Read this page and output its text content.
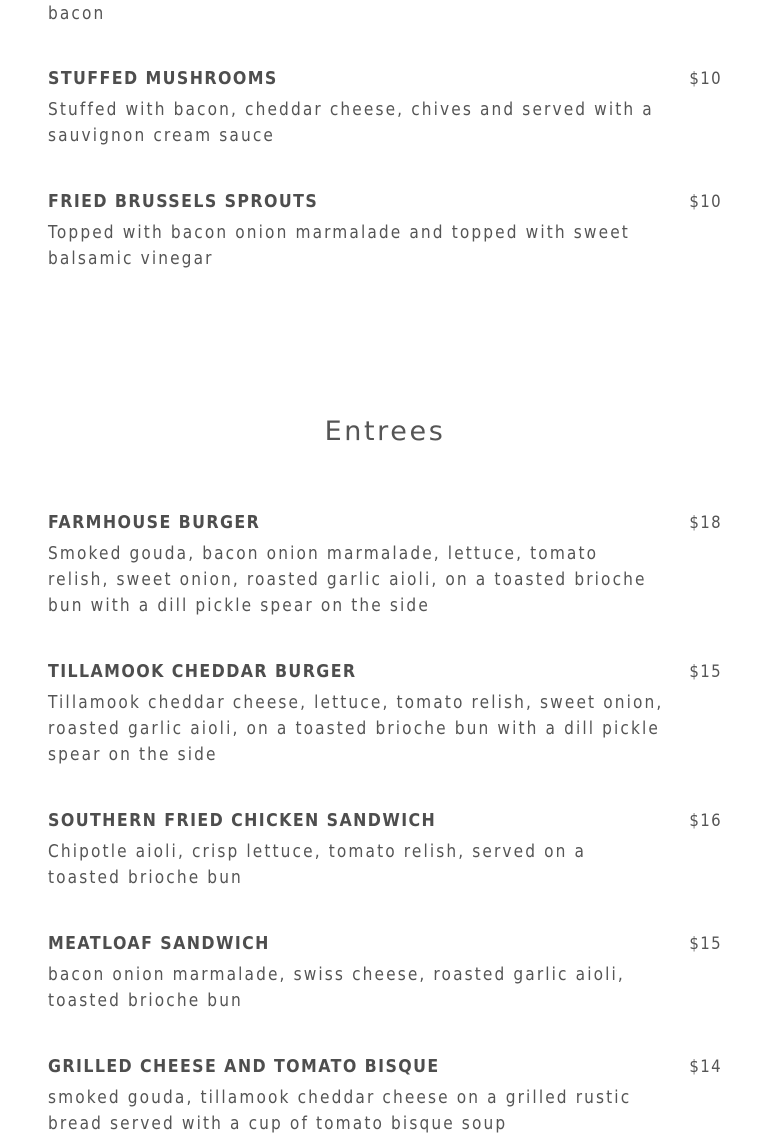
bacon
STUFFED MUSHROOMS	$10
Stuffed with bacon, cheddar cheese, chives and served with a sauvignon cream sauce
FRIED BRUSSELS SPROUTS	$10
Topped with bacon onion marmalade and topped with sweet balsamic vinegar
Entrees
FARMHOUSE BURGER	$18
Smoked gouda, bacon onion marmalade, lettuce, tomato relish, sweet onion, roasted garlic aioli, on a toasted brioche bun with a dill pickle spear on the side
TILLAMOOK CHEDDAR BURGER	$15
Tillamook cheddar cheese, lettuce, tomato relish, sweet onion, roasted garlic aioli, on a toasted brioche bun with a dill pickle spear on the side
SOUTHERN FRIED CHICKEN SANDWICH	$16
Chipotle aioli, crisp lettuce, tomato relish, served on a toasted brioche bun
MEATLOAF SANDWICH	$15
bacon onion marmalade, swiss cheese, roasted garlic aioli, toasted brioche bun
GRILLED CHEESE AND TOMATO BISQUE	$14
smoked gouda, tillamook cheddar cheese on a grilled rustic bread served with a cup of tomato bisque soup
